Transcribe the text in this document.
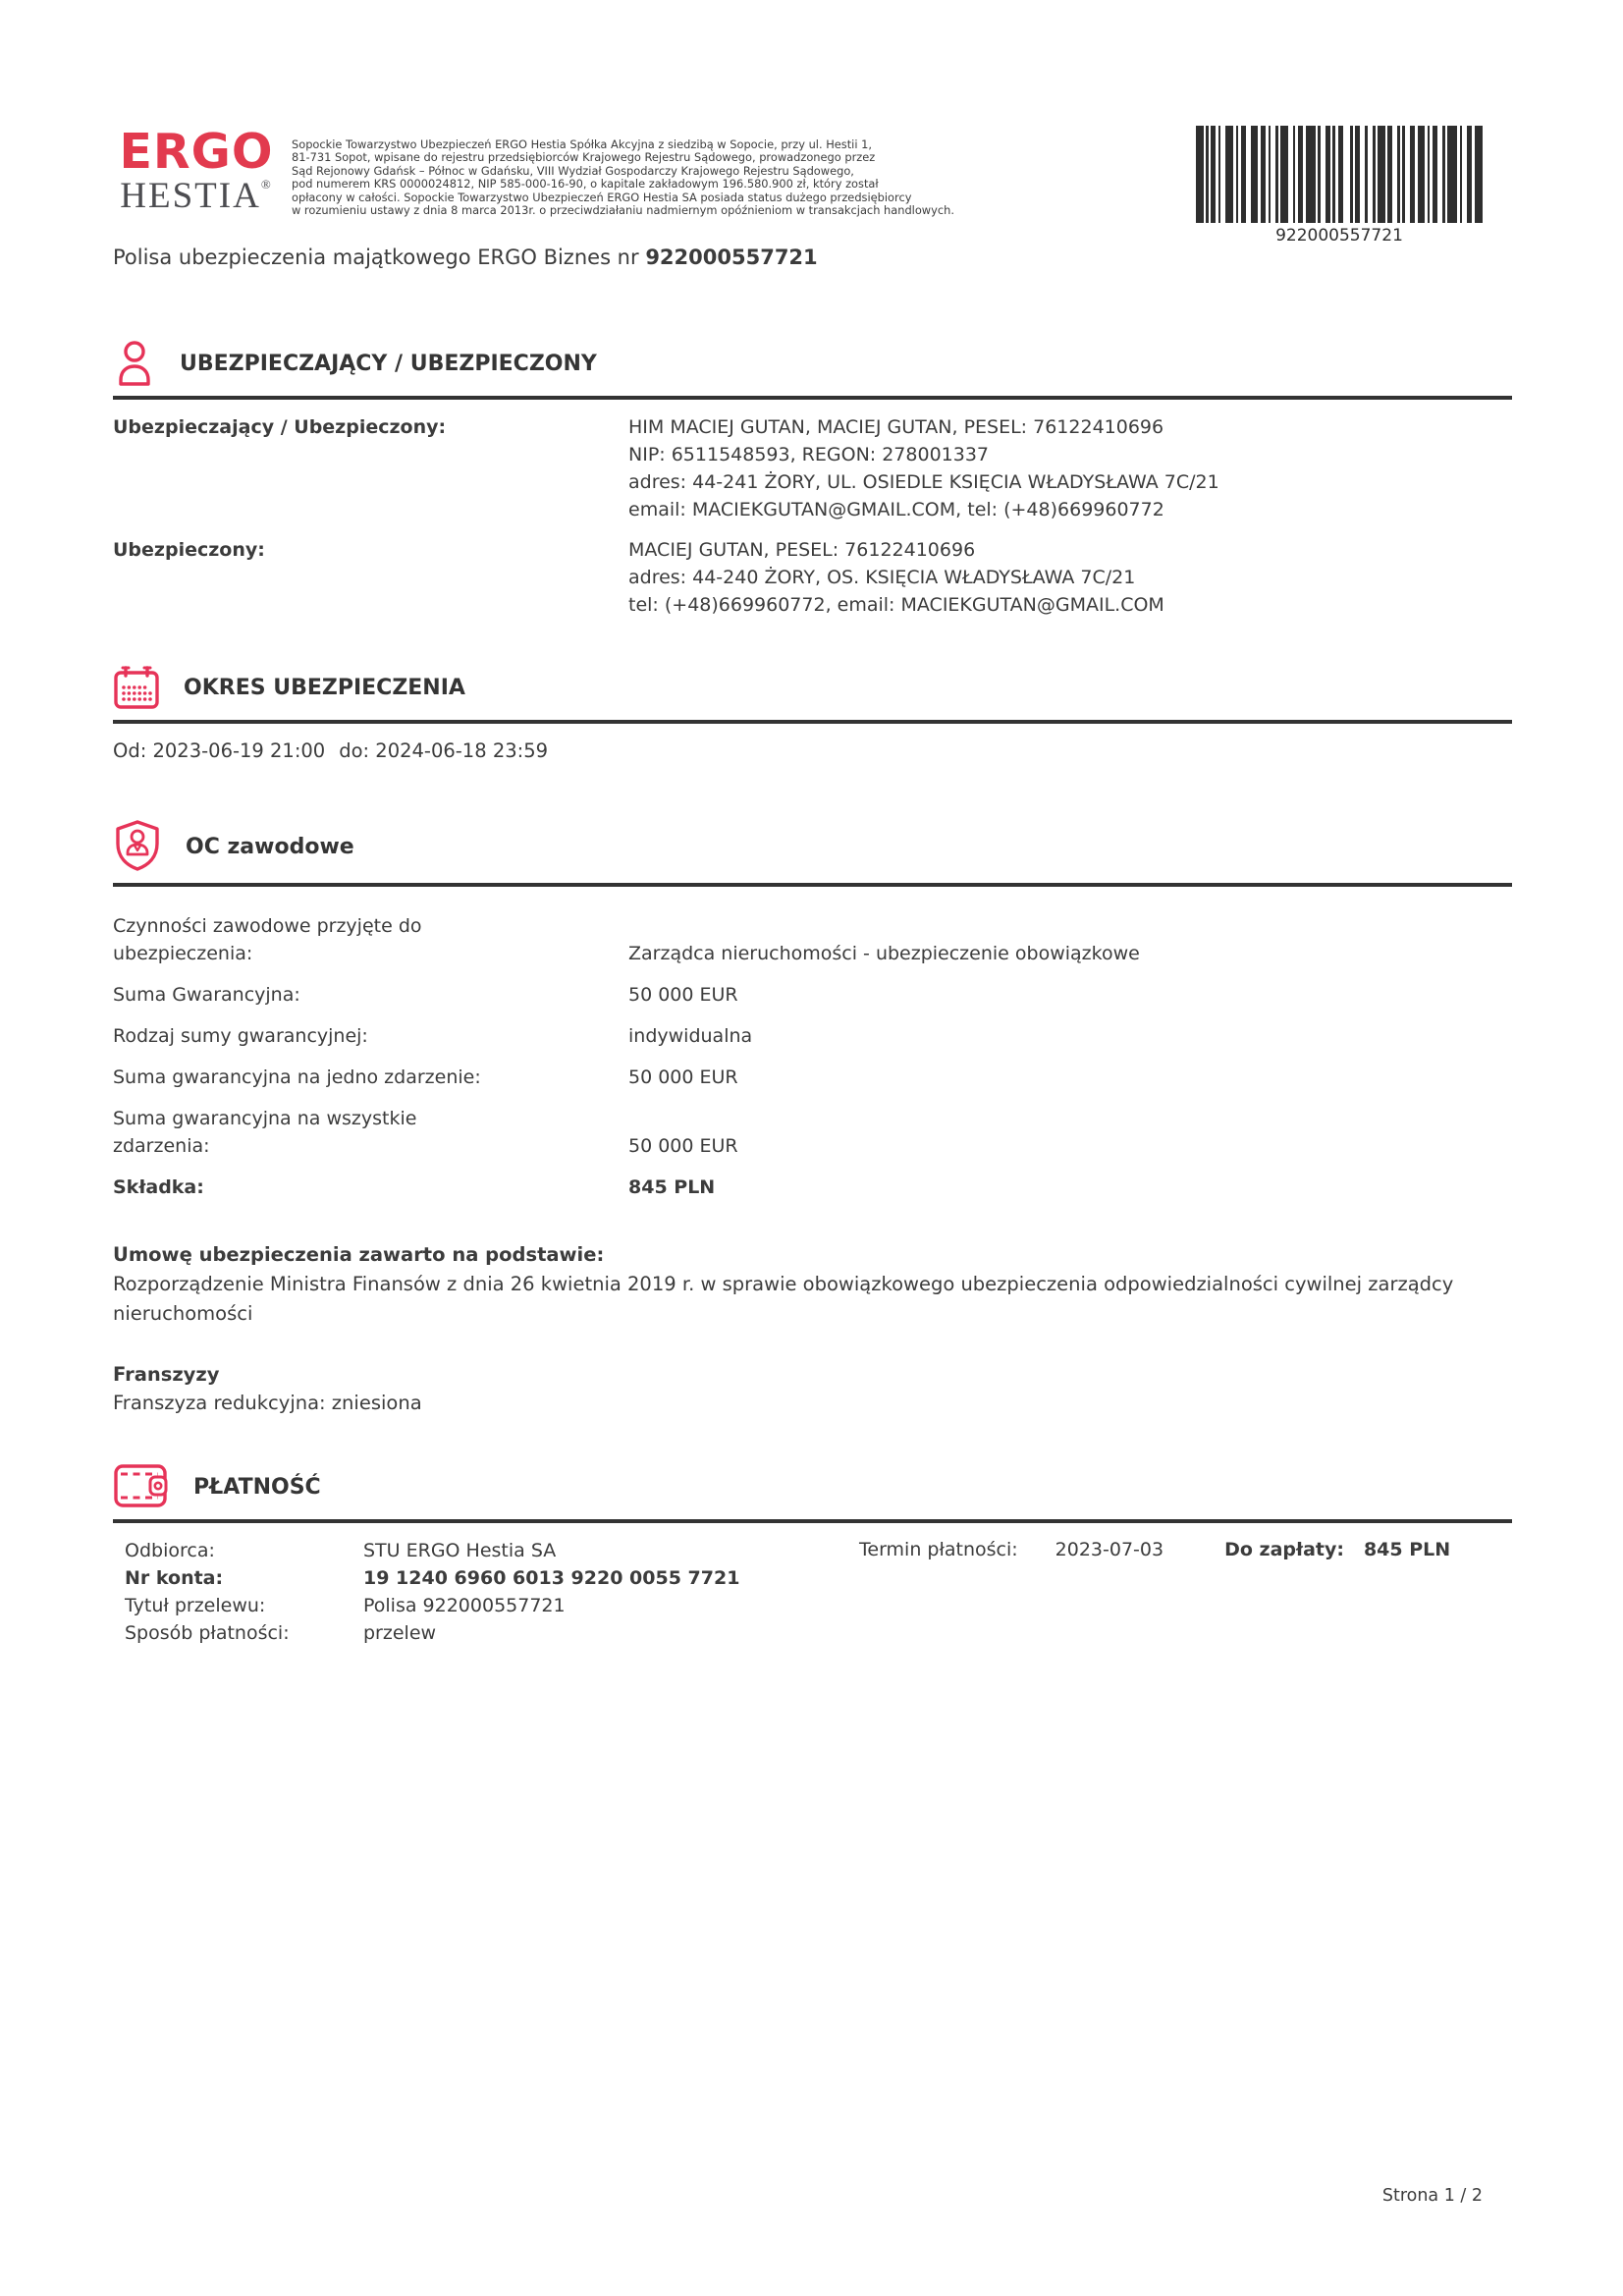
ERGO
HESTIA®
Sopockie Towarzystwo Ubezpieczeń ERGO Hestia Spółka Akcyjna z siedzibą w Sopocie, przy ul. Hestii 1,
81-731 Sopot, wpisane do rejestru przedsiębiorców Krajowego Rejestru Sądowego, prowadzonego przez
Sąd Rejonowy Gdańsk – Północ w Gdańsku, VIII Wydział Gospodarczy Krajowego Rejestru Sądowego,
pod numerem KRS 0000024812, NIP 585-000-16-90, o kapitale zakładowym 196.580.900 zł, który został
opłacony w całości. Sopockie Towarzystwo Ubezpieczeń ERGO Hestia SA posiada status dużego przedsiębiorcy
w rozumieniu ustawy z dnia 8 marca 2013r. o przeciwdziałaniu nadmiernym opóźnieniom w transakcjach handlowych.
922000557721
Polisa ubezpieczenia majątkowego ERGO Biznes nr 922000557721
UBEZPIECZAJĄCY / UBEZPIECZONY
Ubezpieczający / Ubezpieczony:	HIM MACIEJ GUTAN, MACIEJ GUTAN, PESEL: 76122410696
NIP: 6511548593, REGON: 278001337
adres: 44-241 ŻORY, UL. OSIEDLE KSIĘCIA WŁADYSŁAWA 7C/21
email: MACIEKGUTAN@GMAIL.COM, tel: (+48)669960772
Ubezpieczony:	MACIEJ GUTAN, PESEL: 76122410696
adres: 44-240 ŻORY, OS. KSIĘCIA WŁADYSŁAWA 7C/21
tel: (+48)669960772, email: MACIEKGUTAN@GMAIL.COM
OKRES UBEZPIECZENIA
Od: 2023-06-19 21:00 do: 2024-06-18 23:59
OC zawodowe
Czynności zawodowe przyjęte do ubezpieczenia:	Zarządca nieruchomości - ubezpieczenie obowiązkowe
Suma Gwarancyjna:	50 000 EUR
Rodzaj sumy gwarancyjnej:	indywidualna
Suma gwarancyjna na jedno zdarzenie:	50 000 EUR
Suma gwarancyjna na wszystkie zdarzenia:	50 000 EUR
Składka:	845 PLN
Umowę ubezpieczenia zawarto na podstawie:
Rozporządzenie Ministra Finansów z dnia 26 kwietnia 2019 r. w sprawie obowiązkowego ubezpieczenia odpowiedzialności cywilnej zarządcy nieruchomości
Franszyzy
Franszyza redukcyjna: zniesiona
PŁATNOŚĆ
Odbiorca:	STU ERGO Hestia SA
Nr konta:	19 1240 6960 6013 9220 0055 7721
Tytuł przelewu:	Polisa 922000557721
Sposób płatności:	przelew
Termin płatności: 2023-07-03	Do zapłaty: 845 PLN
Strona 1 / 2
